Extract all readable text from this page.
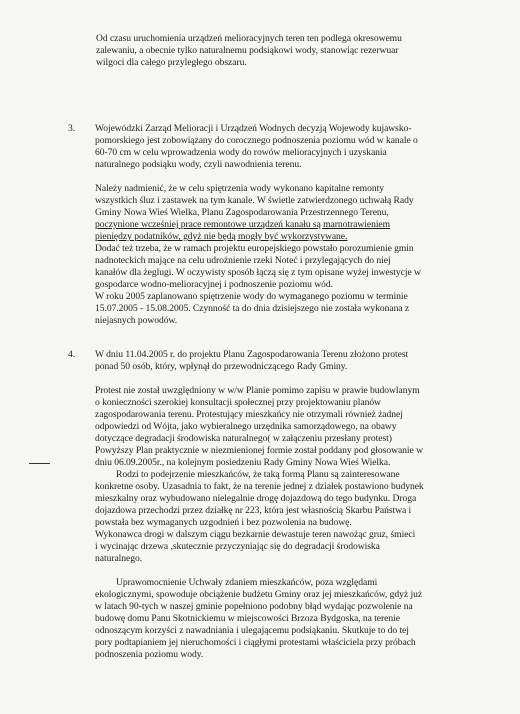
Od czasu uruchomienia urządzeń melioracyjnych teren ten podlega okresowemu
zalewaniu, a obecnie tylko naturalnemu podsiąkowi wody, stanowiąc rezerwuar
wilgoci dla całego przyległego obszaru.
3. Wojewódzki Zarząd Melioracji i Urządzeń Wodnych decyzją Wojewody kujawsko-
pomorskiego jest zobowiązany do corocznego podnoszenia poziomu wód w kanale o
60-70 cm w celu wprowadzenia wody do rowów melioracyjnych i uzyskania
naturalnego podsiąku wody, czyli nawodnienia terenu.
Należy nadmienić, że w celu spiętrzenia wody wykonano kapitalne remonty
wszystkich śluz i zastawek na tym kanale. W świetle zatwierdzonego uchwałą Rady
Gminy Nowa Wieś Wielka, Planu Zagospodarowania Przestrzennego Terenu,
poczynione wcześniej prace remontowe urządzeń kanału są marnotrawieniem
pieniędzy podatników, gdyż nie będą mogły być wykorzystywane.
Dodać też trzeba, że w ramach projektu europejskiego powstało porozumienie gmin
nadnoteckich mające na celu udrożnienie rzeki Noteć i przylegających do niej
kanałów dla żeglugi. W oczywisty sposób łączą się z tym opisane wyżej inwestycje w
gospodarce wodno-melioracyjnej i podnoszenie poziomu wód.
W roku 2005 zaplanowano spiętrzenie wody do wymaganego poziomu w terminie
15.07.2005 - 15.08.2005. Czynność ta do dnia dzisiejszego nie została wykonana z
niejasnych powodów.
4. W dniu 11.04.2005 r. do projektu Planu Zagospodarowania Terenu złożono protest
ponad 50 osób, który, wpłynął do przewodniczącego Rady Gminy.
Protest nie został uwzględniony w w/w Planie pomimo zapisu w prawie budowlanym
o konieczności szerokiej konsultacji społecznej przy projektowaniu planów
zagospodarowania terenu. Protestujący mieszkańcy nie otrzymali również żadnej
odpowiedzi od Wójta, jako wybieralnego urzędnika samorządowego, na obawy
dotyczące degradacji środowiska naturalnego( w załączeniu przesłany protest)
Powyższy Plan praktycznie w niezmienionej formie został poddany pod głosowanie w
dniu 06.09.2005r., na kolejnym posiedzeniu Rady Gminy Nowa Wieś Wielka.
Rodzi to podejrzenie mieszkańców, że taką formą Planu są zainteresowane
konkretne osoby. Uzasadnia to fakt, że na terenie jednej z działek postawiono budynek
mieszkalny oraz wybudowano nielegalnie drogę dojazdową do tego budynku. Droga
dojazdowa przechodzi przez działkę nr 223, która jest własnością Skarbu Państwa i
powstała bez wymaganych uzgodnień i bez pozwolenia na budowę.
Wykonawca drogi w dalszym ciągu bezkarnie dewastuje teren nawożąc gruz, śmieci
i wycinając drzewa ,skutecznie przyczyniając się do degradacji środowiska
naturalnego.
Uprawomocnienie Uchwały zdaniem mieszkańców, poza względami
ekologicznymi, spowoduje obciążenie budżetu Gminy oraz jej mieszkańców, gdyż już
w latach 90-tych w naszej gminie popełniono podobny błąd wydając pozwolenie na
budowę domu Panu Skotnickiemu w miejscowości Brzoza Bydgoska, na terenie
odnoszącym korzyści z nawadniania i ulegającemu podsiąkaniu. Skutkuje to do tej
pory podtapianiem jej nieruchomości i ciągłymi protestami właściciela przy próbach
podnoszenia poziomu wody.
